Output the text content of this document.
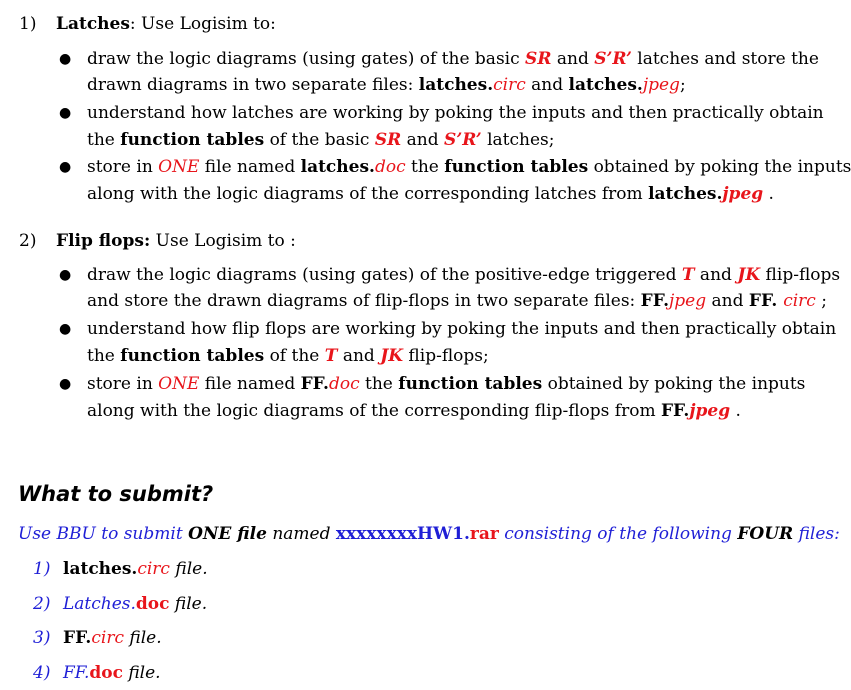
1) Latches: Use Logisim to:
● draw the logic diagrams (using gates) of the basic SR and S’R’ latches and store the
drawn diagrams in two separate files: latches.circ and latches.jpeg;
● understand how latches are working by poking the inputs and then practically obtain
the function tables of the basic SR and S’R’ latches;
● store in ONE file named latches.doc the function tables obtained by poking the inputs
along with the logic diagrams of the corresponding latches from latches.jpeg .
2) Flip flops: Use Logisim to :
● draw the logic diagrams (using gates) of the positive-edge triggered T and JK flip-flops
and store the drawn diagrams of flip-flops in two separate files: FF.jpeg and FF. circ ;
● understand how flip flops are working by poking the inputs and then practically obtain
the function tables of the T and JK flip-flops;
● store in ONE file named FF.doc the function tables obtained by poking the inputs
along with the logic diagrams of the corresponding flip-flops from FF.jpeg .
What to submit?
Use BBU to submit ONE file named xxxxxxxxHW1.rar consisting of the following FOUR files:
1) latches.circ file.
2) Latches.doc file.
3) FF.circ file.
4) FF.doc file.
